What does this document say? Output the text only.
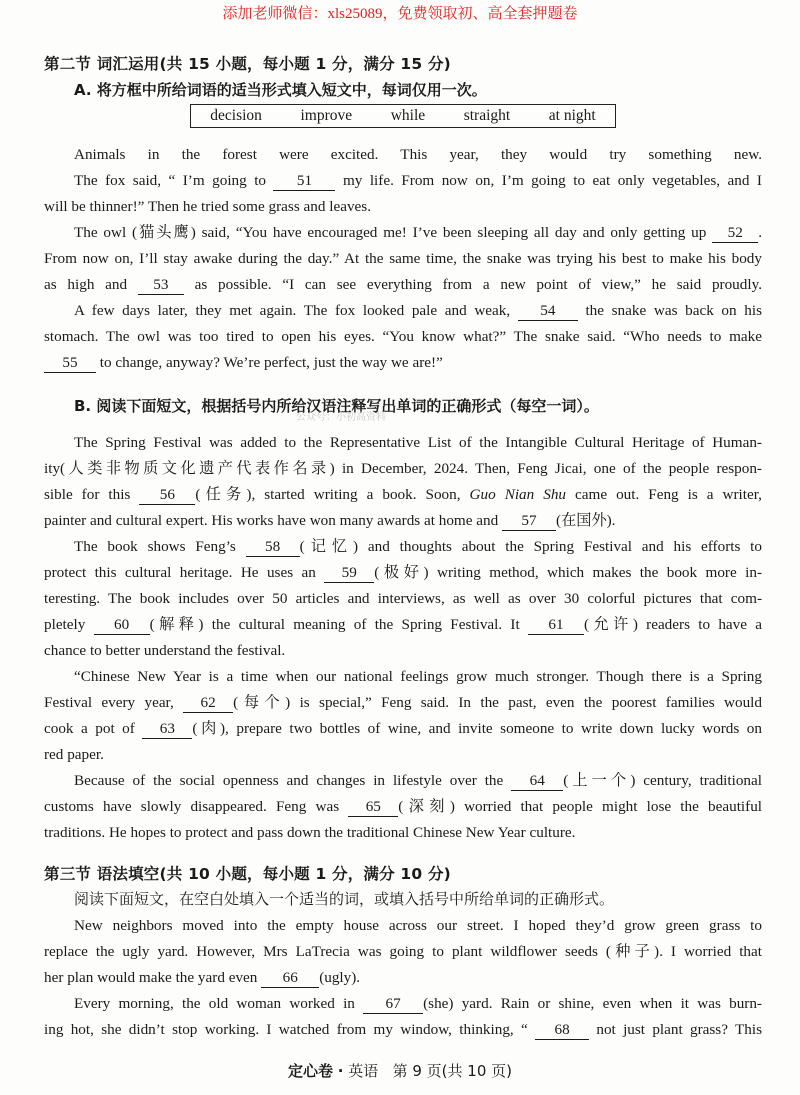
添加老师微信：xls25089，免费领取初、高全套押题卷
第二节 词汇运用(共 15 小题，每小题 1 分，满分 15 分)
A. 将方框中所给词语的适当形式填入短文中，每词仅用一次。
decision improve while straight at night
Animals in the forest were excited. This year, they would try something new.
The fox said, “ I’m going to 51 my life. From now on, I’m going to eat only vegetables, and I
will be thinner!” Then he tried some grass and leaves.
The owl (猫头鹰) said, “You have encouraged me! I’ve been sleeping all day and only getting up 52 .
From now on, I’ll stay awake during the day.” At the same time, the snake was trying his best to make his body
as high and 53 as possible. “I can see everything from a new point of view,” he said proudly.
A few days later, they met again. The fox looked pale and weak, 54 the snake was back on his
stomach. The owl was too tired to open his eyes. “You know what?” The snake said. “Who needs to make
55 to change, anyway? We’re perfect, just the way we are!”
B. 阅读下面短文，根据括号内所给汉语注释写出单词的正确形式（每空一词）。
公众号：小初高资料
The Spring Festival was added to the Representative List of the Intangible Cultural Heritage of Human-
ity(人类非物质文化遗产代表作名录) in December, 2024. Then, Feng Jicai, one of the people respon-
sible for this 56 (任务), started writing a book. Soon, Guo Nian Shu came out. Feng is a writer,
painter and cultural expert. His works have won many awards at home and 57 (在国外).
The book shows Feng’s 58 (记忆) and thoughts about the Spring Festival and his efforts to
protect this cultural heritage. He uses an 59 (极好) writing method, which makes the book more in-
teresting. The book includes over 50 articles and interviews, as well as over 30 colorful pictures that com-
pletely 60 (解释) the cultural meaning of the Spring Festival. It 61 (允许) readers to have a
chance to better understand the festival.
“Chinese New Year is a time when our national feelings grow much stronger. Though there is a Spring
Festival every year, 62 (每个) is special,” Feng said. In the past, even the poorest families would
cook a pot of 63 (肉), prepare two bottles of wine, and invite someone to write down lucky words on
red paper.
Because of the social openness and changes in lifestyle over the 64 (上一个) century, traditional
customs have slowly disappeared. Feng was 65 (深刻) worried that people might lose the beautiful
traditions. He hopes to protect and pass down the traditional Chinese New Year culture.
第三节 语法填空(共 10 小题，每小题 1 分，满分 10 分)
阅读下面短文，在空白处填入一个适当的词，或填入括号中所给单词的正确形式。
New neighbors moved into the empty house across our street. I hoped they’d grow green grass to
replace the ugly yard. However, Mrs LaTrecia was going to plant wildflower seeds (种子). I worried that
her plan would make the yard even 66 (ugly).
Every morning, the old woman worked in 67 (she) yard. Rain or shine, even when it was burn-
ing hot, she didn’t stop working. I watched from my window, thinking, “ 68 not just plant grass? This
定心卷 · 英语 第 9 页(共 10 页)
